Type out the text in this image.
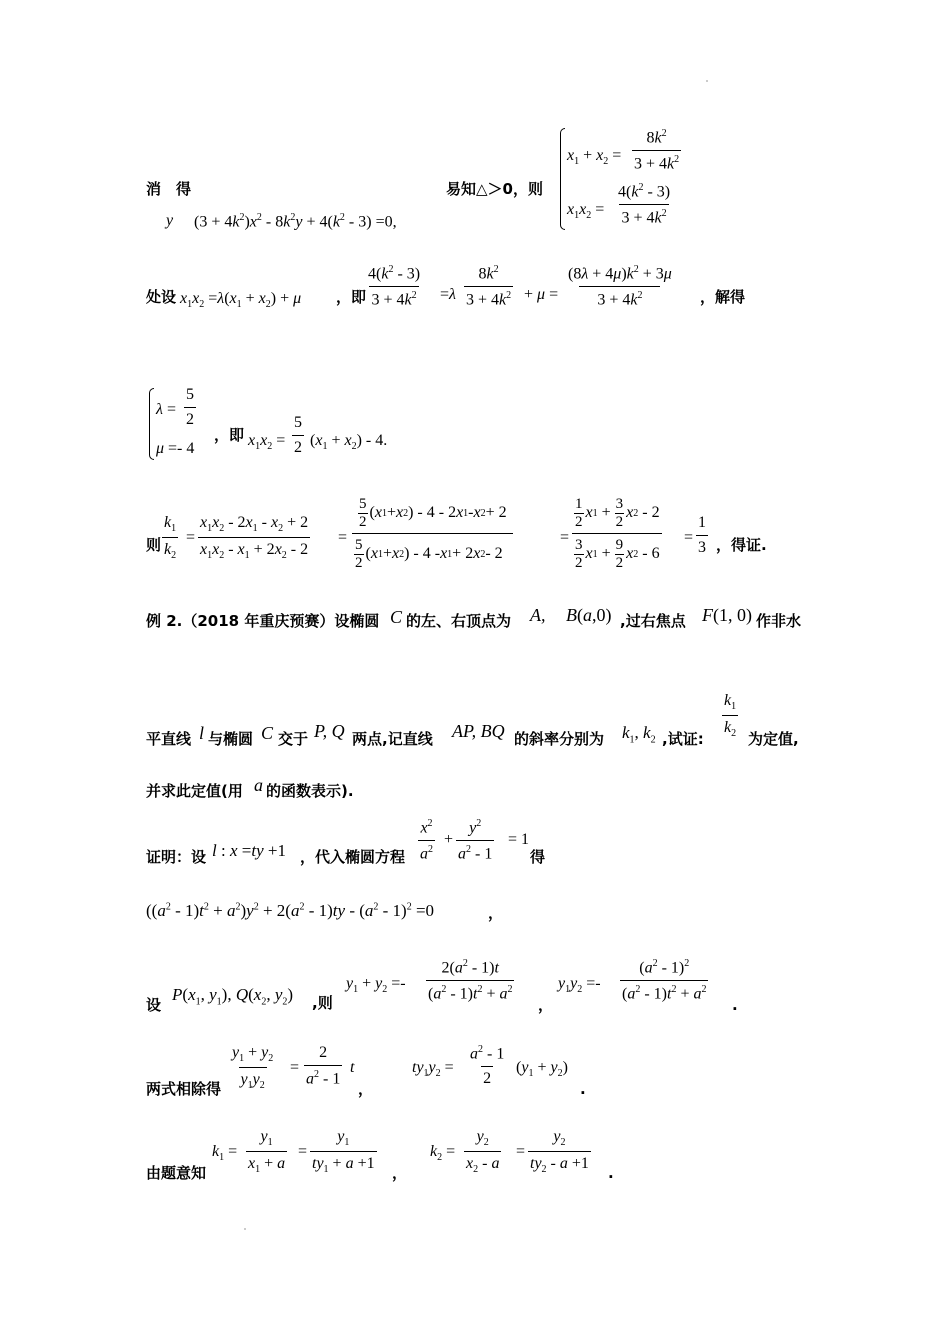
消　得
y $(3 + 4k^2)x^2 - 8k^2y + 4(k^2 - 3) =0$,
易知△＞0，则
$x_1 + x_2 = \frac{8k^2}{3 + 4k^2}$
$x_1x_2 = \frac{4(k^2 - 3)}{3 + 4k^2}$
处设 $x_1x_2 =\lambda(x_1 + x_2) + \mu$ ，即 $\frac{4(k^2 - 3)}{3 + 4k^2} =\lambda \frac{8k^2}{3 + 4k^2} + \mu = \frac{(8\lambda + 4\mu)k^2 + 3\mu}{3 + 4k^2}$ ，解得
$\lambda = \frac{5}{2}$
μ =- 4
，即 $x_1x_2 = \frac{5}{2} (x_1 + x_2) - 4$.
则 $\frac{k_1}{k_2} = \frac{x_1x_2 - 2x_1 - x_2 + 2}{x_1x_2 - x_1 + 2x_2 - 2} = 5$
2
( x 1 + x 2 ) - 4 - 2 x 1 - x 2 + 2
5
2
( x 1 + x 2 ) - 4 - x 1 + 2 x 2 - 2	= 1
2
x 1 +
3
2
x 2 - 2
3
2
x 1 +
9
2
x $2 - 6 = \frac{1}{3}$ ，得证.
例 2.（2018 年重庆预赛）设椭圆 C 的左、右顶点为 A, B(a,0) ,过右焦点 F(1, 0) 作非水
平直线 l 与椭圆 C 交于 P, Q 两点,记直线 AP, BQ 的斜率分别为 $k_1$, $k_2$ ,试证: $\frac{k_1}{k_2}$ 为定值,
并求此定值(用 a 的函数表示).
证明：设 l : x =ty +1 ，代入椭圆方程 $\frac{x^2}{a^2} + \frac{y^2}{a^2 - 1} = 1$
得
$((a^2 - 1)t^2 + a^2)y^2 + 2(a^2 - 1)ty - (a^2 - 1)^2 =0$	，
设
$P(x_1$, $y_1$), $Q(x_2$, $y_2$) ,则
$y_1 + y_2 =- \frac{2(a^2 - 1)t}{(a^2 - 1)t^2 + a^2}$
，
$y_1y_2 =- \frac{(a^2 - 1)^2}{(a^2 - 1)t^2 + a^2}$
.
两式相除得 $\frac{y_1 + y_2}{y_1y_2} = \frac{2}{a^2 - 1}$ t
，
$ty_1y_2 = \frac{a^2 - 1}{2} (y_1 + y_2)$
.
由题意知
$k_1 = \frac{y_1}{x_1 + a} = \frac{y_1}{ty_1 + a +1}$ ，
$k_2 = \frac{y_2}{x_2 - a} = \frac{y_2}{ty_2 - a +1}$ .
